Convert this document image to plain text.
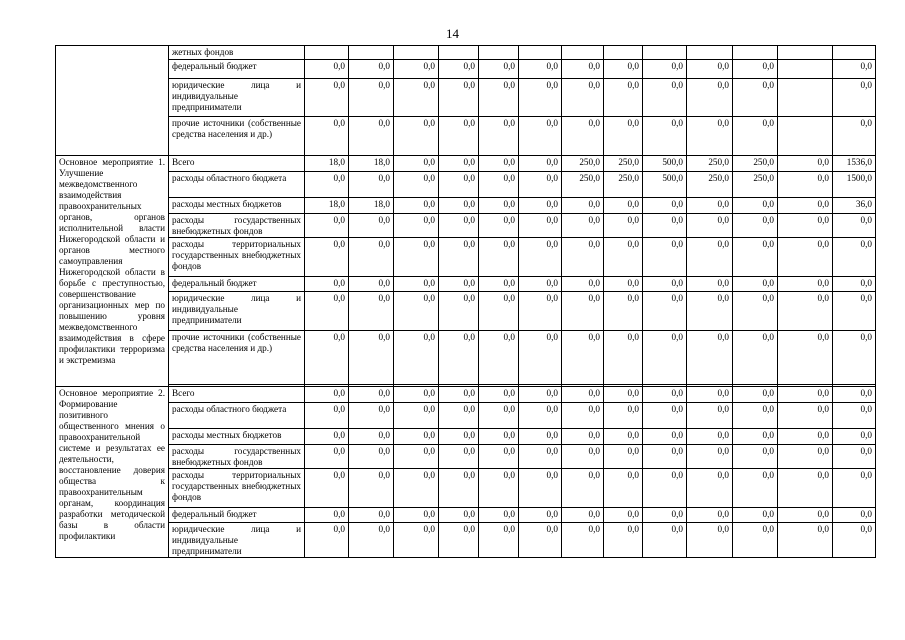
14
	жетных фондов													
	федеральный бюджет	0,0	0,0	0,0	0,0	0,0	0,0	0,0	0,0	0,0	0,0	0,0		0,0
	юридические лица и индивидуальные предприниматели	0,0	0,0	0,0	0,0	0,0	0,0	0,0	0,0	0,0	0,0	0,0		0,0
	прочие источники (собственные средства населения и др.)	0,0	0,0	0,0	0,0	0,0	0,0	0,0	0,0	0,0	0,0	0,0		0,0
Основное мероприятие 1. Улучшение межведомственного взаимодействия правоохранительных органов, органов исполнительной власти Нижегородской области и органов местного самоуправления Нижегородской области в борьбе с преступностью, совершенствование организационных мер по повышению уровня межведомственного взаимодействия в сфере профилактики терроризма и экстремизма	Всего	18,0	18,0	0,0	0,0	0,0	0,0	250,0	250,0	500,0	250,0	250,0	0,0	1536,0
	расходы областного бюджета	0,0	0,0	0,0	0,0	0,0	0,0	250,0	250,0	500,0	250,0	250,0	0,0	1500,0
	расходы местных бюджетов	18,0	18,0	0,0	0,0	0,0	0,0	0,0	0,0	0,0	0,0	0,0	0,0	36,0
	расходы государственных внебюджетных фондов	0,0	0,0	0,0	0,0	0,0	0,0	0,0	0,0	0,0	0,0	0,0	0,0	0,0
	расходы территориальных государственных внебюджетных фондов	0,0	0,0	0,0	0,0	0,0	0,0	0,0	0,0	0,0	0,0	0,0	0,0	0,0
	федеральный бюджет	0,0	0,0	0,0	0,0	0,0	0,0	0,0	0,0	0,0	0,0	0,0	0,0	0,0
	юридические лица и индивидуальные предприниматели	0,0	0,0	0,0	0,0	0,0	0,0	0,0	0,0	0,0	0,0	0,0	0,0	0,0
	прочие источники (собственные средства населения и др.)	0,0	0,0	0,0	0,0	0,0	0,0	0,0	0,0	0,0	0,0	0,0	0,0	0,0

Основное мероприятие 2. Формирование позитивного общественного мнения о правоохранительной системе и результатах ее деятельности, восстановление доверия общества к правоохранительным органам, координация разработки методической базы в области профилактики	Всего	0,0	0,0	0,0	0,0	0,0	0,0	0,0	0,0	0,0	0,0	0,0	0,0	0,0
	расходы областного бюджета	0,0	0,0	0,0	0,0	0,0	0,0	0,0	0,0	0,0	0,0	0,0	0,0	0,0
	расходы местных бюджетов	0,0	0,0	0,0	0,0	0,0	0,0	0,0	0,0	0,0	0,0	0,0	0,0	0,0
	расходы государственных внебюджетных фондов	0,0	0,0	0,0	0,0	0,0	0,0	0,0	0,0	0,0	0,0	0,0	0,0	0,0
	расходы территориальных государственных внебюджетных фондов	0,0	0,0	0,0	0,0	0,0	0,0	0,0	0,0	0,0	0,0	0,0	0,0	0,0
	федеральный бюджет	0,0	0,0	0,0	0,0	0,0	0,0	0,0	0,0	0,0	0,0	0,0	0,0	0,0
	юридические лица и индивидуальные предприниматели	0,0	0,0	0,0	0,0	0,0	0,0	0,0	0,0	0,0	0,0	0,0	0,0	0,0
